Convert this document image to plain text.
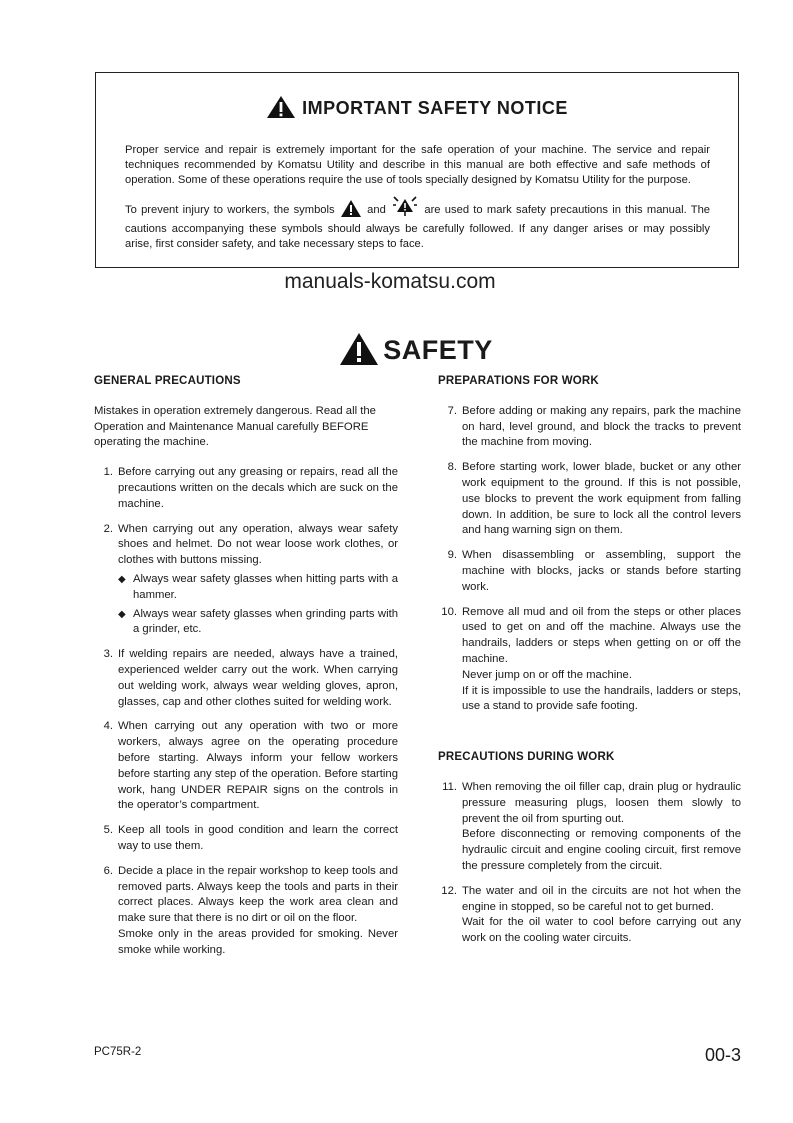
IMPORTANT SAFETY NOTICE

Proper service and repair is extremely important for the safe operation of your machine. The service and repair techniques recommended by Komatsu Utility and describe in this manual are both effective and safe methods of operation. Some of these operations require the use of tools specially designed by Komatsu Utility for the purpose.

To prevent injury to workers, the symbols	and	are used to mark safety precautions in this manual. The cautions accompanying these symbols should always be carefully followed. If any danger arises or may possibly arise, first consider safety, and take necessary steps to face.

manuals-komatsu.com
SAFETY
GENERAL PRECAUTIONS
Mistakes in operation extremely dangerous. Read all the Operation and Maintenance Manual carefully BEFORE operating the machine.
1. Before carrying out any greasing or repairs, read all the precautions written on the decals which are suck on the machine.

2. When carrying out any operation, always wear safety shoes and helmet. Do not wear loose work clothes, or clothes with buttons missing.

◆ Always wear safety glasses when hitting parts with a hammer.
◆ Always wear safety glasses when grinding parts with a grinder, etc.
3. If welding repairs are needed, always have a trained, experienced welder carry out the work. When carrying out welding work, always wear welding gloves, apron, glasses, cap and other clothes suited for welding work.

4. When carrying out any operation with two or more workers, always agree on the operating procedure before starting. Always inform your fellow workers before starting any step of the operation. Before starting work, hang UNDER REPAIR signs on the controls in the operator’s compartment.

5. Keep all tools in good condition and learn the correct way to use them.

6. Decide a place in the repair workshop to keep tools and removed parts. Always keep the tools and parts in their correct places. Always keep the work area clean and make sure that there is no dirt or oil on the floor.

Smoke only in the areas provided for smoking. Never smoke while working.

PREPARATIONS FOR WORK
7. Before adding or making any repairs, park the machine on hard, level ground, and block the tracks to prevent the machine from moving.

8. Before starting work, lower blade, bucket or any other work equipment to the ground. If this is not possible, use blocks to prevent the work equipment from falling down. In addition, be sure to lock all the control levers and hang warning sign on them.

9. When disassembling or assembling, support the machine with blocks, jacks or stands before starting work.

10. Remove all mud and oil from the steps or other places used to get on and off the machine. Always use the handrails, ladders or steps when getting on or off the machine.

Never jump on or off the machine.

If it is impossible to use the handrails, ladders or steps, use a stand to provide safe footing.

PRECAUTIONS DURING WORK
11. When removing the oil filler cap, drain plug or hydraulic pressure measuring plugs, loosen them slowly to prevent the oil from spurting out.

Before disconnecting or removing components of the hydraulic circuit and engine cooling circuit, first remove the pressure completely from the circuit.

12. The water and oil in the circuits are not hot when the engine in stopped, so be careful not to get burned.

Wait for the oil water to cool before carrying out any work on the cooling water circuits.

PC75R-2	00-3
